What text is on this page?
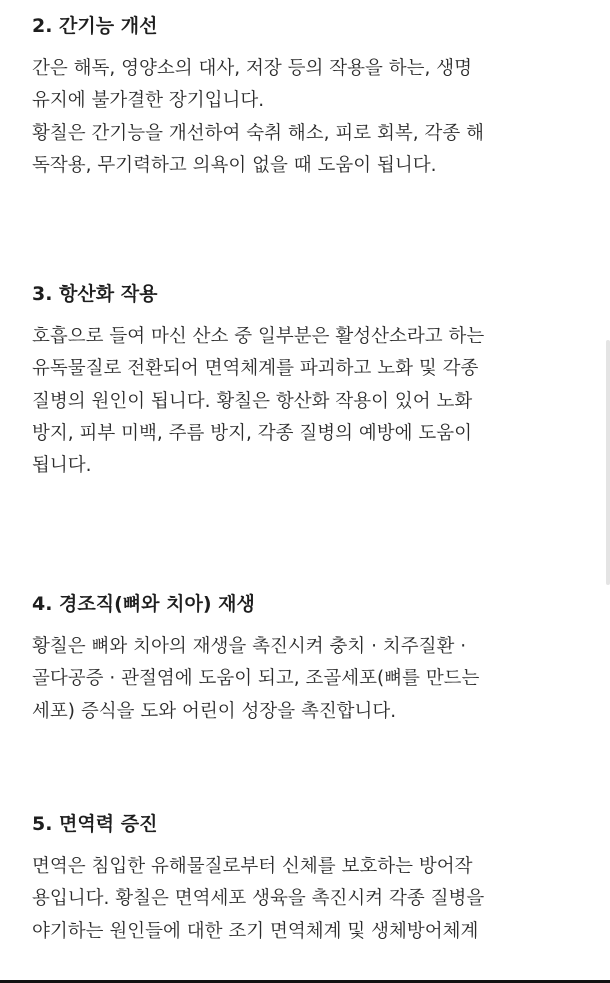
2. 간기능 개선

간은 해독, 영양소의 대사, 저장 등의 작용을 하는, 생명
유지에 불가결한 장기입니다.
황칠은 간기능을 개선하여 숙취 해소, 피로 회복, 각종 해
독작용, 무기력하고 의욕이 없을 때 도움이 됩니다.

3. 항산화 작용

호흡으로 들여 마신 산소 중 일부분은 활성산소라고 하는
유독물질로 전환되어 면역체계를 파괴하고 노화 및 각종
질병의 원인이 됩니다. 황칠은 항산화 작용이 있어 노화
방지, 피부 미백, 주름 방지, 각종 질병의 예방에 도움이
됩니다.

4. 경조직(뼈와 치아) 재생

황칠은 뼈와 치아의 재생을 촉진시켜 충치 · 치주질환 ·
골다공증 · 관절염에 도움이 되고, 조골세포(뼈를 만드는
세포) 증식을 도와 어린이 성장을 촉진합니다.

5. 면역력 증진

면역은 침입한 유해물질로부터 신체를 보호하는 방어작
용입니다. 황칠은 면역세포 생육을 촉진시켜 각종 질병을
야기하는 원인들에 대한 조기 면역체계 및 생체방어체계
